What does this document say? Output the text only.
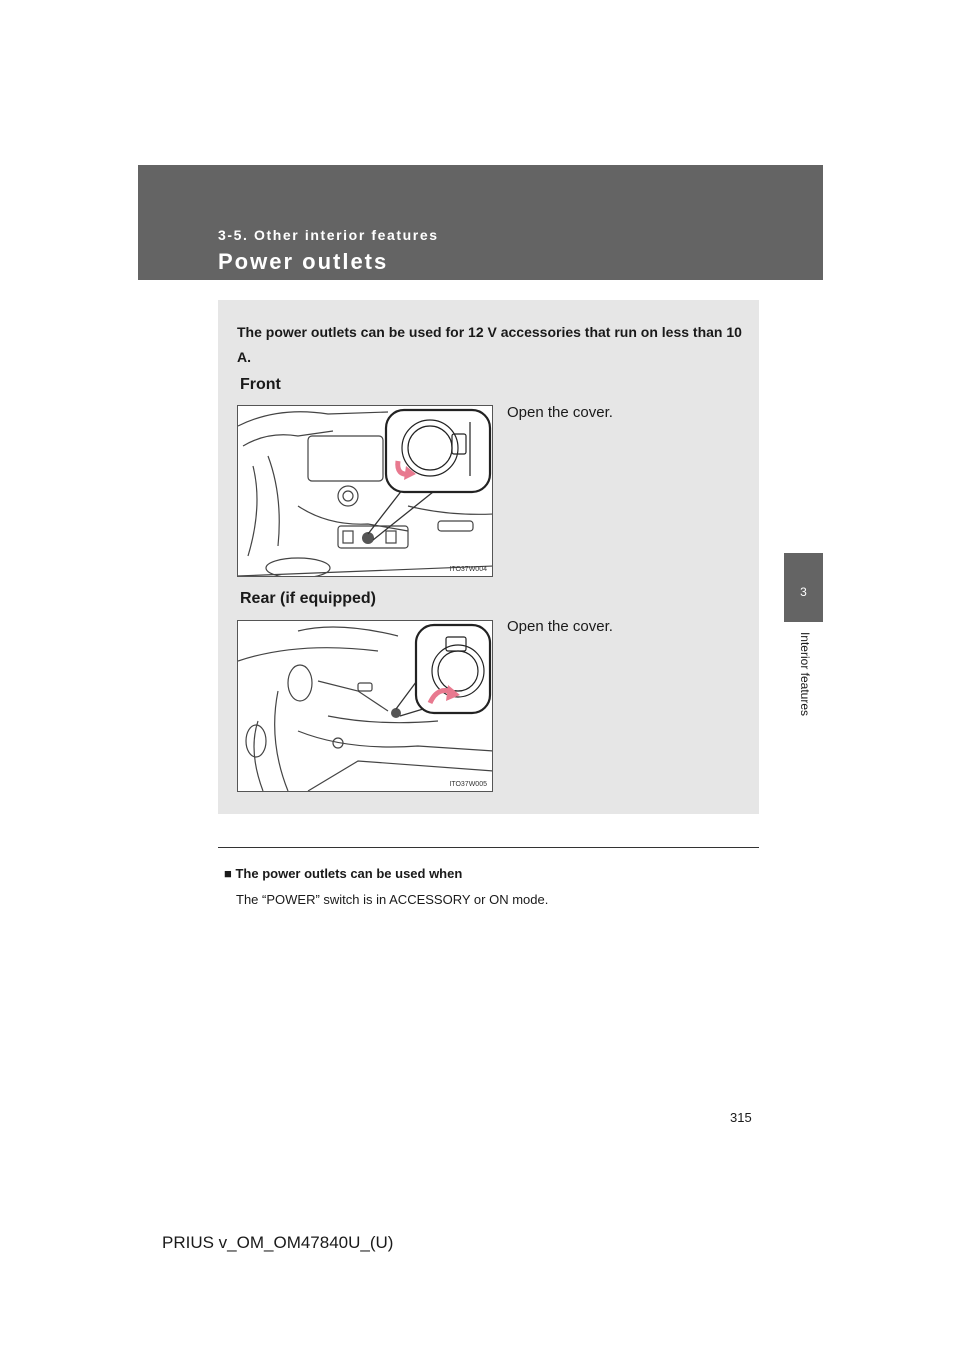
3-5. Other interior features
Power outlets
3
Interior features
The power outlets can be used for 12 V accessories that run on less than 10 A.
Front
ITO37W004
Open the cover.
Rear (if equipped)
ITO37W005
Open the cover.
■ The power outlets can be used when
The “POWER” switch is in ACCESSORY or ON mode.
315
PRIUS v_OM_OM47840U_(U)
